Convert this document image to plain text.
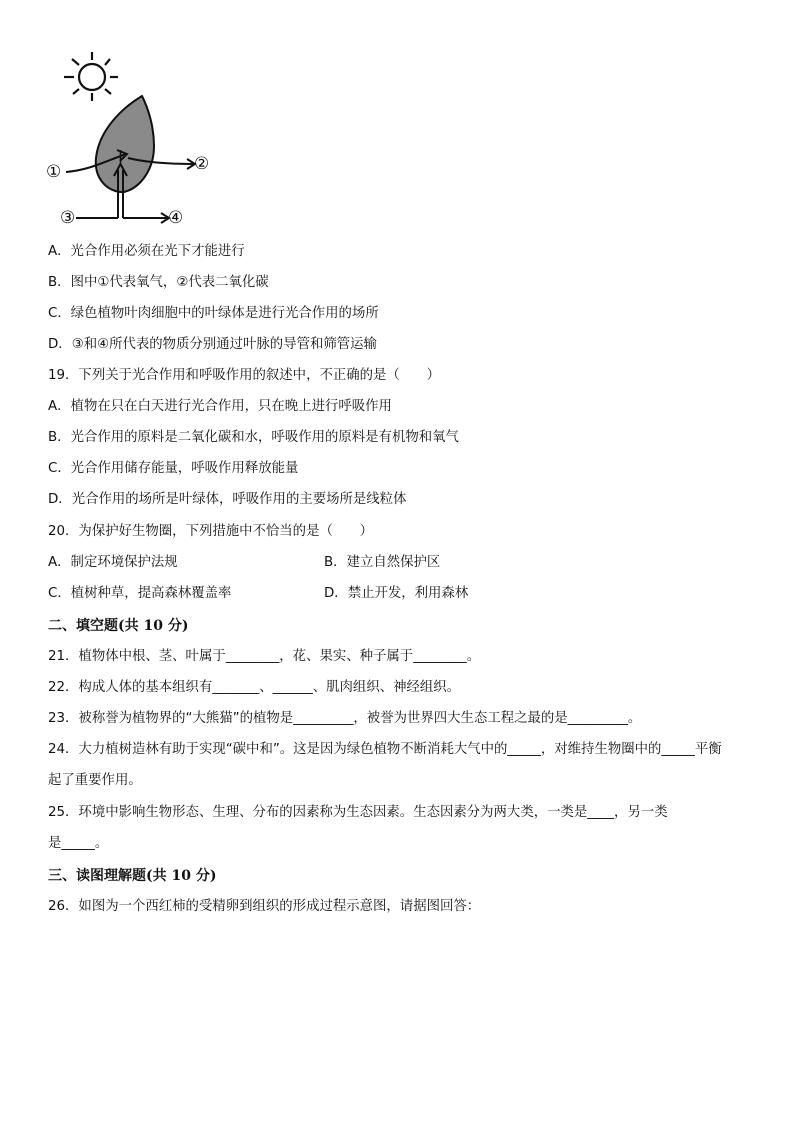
①	②
③	④
A．光合作用必须在光下才能进行
B．图中①代表氧气，②代表二氧化碳
C．绿色植物叶肉细胞中的叶绿体是进行光合作用的场所
D．③和④所代表的物质分别通过叶脉的导管和筛管运输
19．下列关于光合作用和呼吸作用的叙述中，不正确的是（　　）
A．植物在只在白天进行光合作用，只在晚上进行呼吸作用
B．光合作用的原料是二氧化碳和水，呼吸作用的原料是有机物和氧气
C．光合作用储存能量，呼吸作用释放能量
D．光合作用的场所是叶绿体，呼吸作用的主要场所是线粒体
20．为保护好生物圈，下列措施中不恰当的是（　　）
A．制定环境保护法规	B．建立自然保护区
C．植树种草，提高森林覆盖率	D．禁止开发，利用森林
二、填空题(共 10 分)
21．植物体中根、茎、叶属于________，花、果实、种子属于________。
22．构成人体的基本组织有_______、______、肌肉组织、神经组织。
23．被称誉为植物界的“大熊猫”的植物是_________，被誉为世界四大生态工程之最的是_________。
24．大力植树造林有助于实现“碳中和”。这是因为绿色植物不断消耗大气中的_____，对维持生物圈中的_____平衡
起了重要作用。
25．环境中影响生物形态、生理、分布的因素称为生态因素。生态因素分为两大类，一类是____，另一类
是_____。
三、读图理解题(共 10 分)
26．如图为一个西红柿的受精卵到组织的形成过程示意图，请据图回答：
